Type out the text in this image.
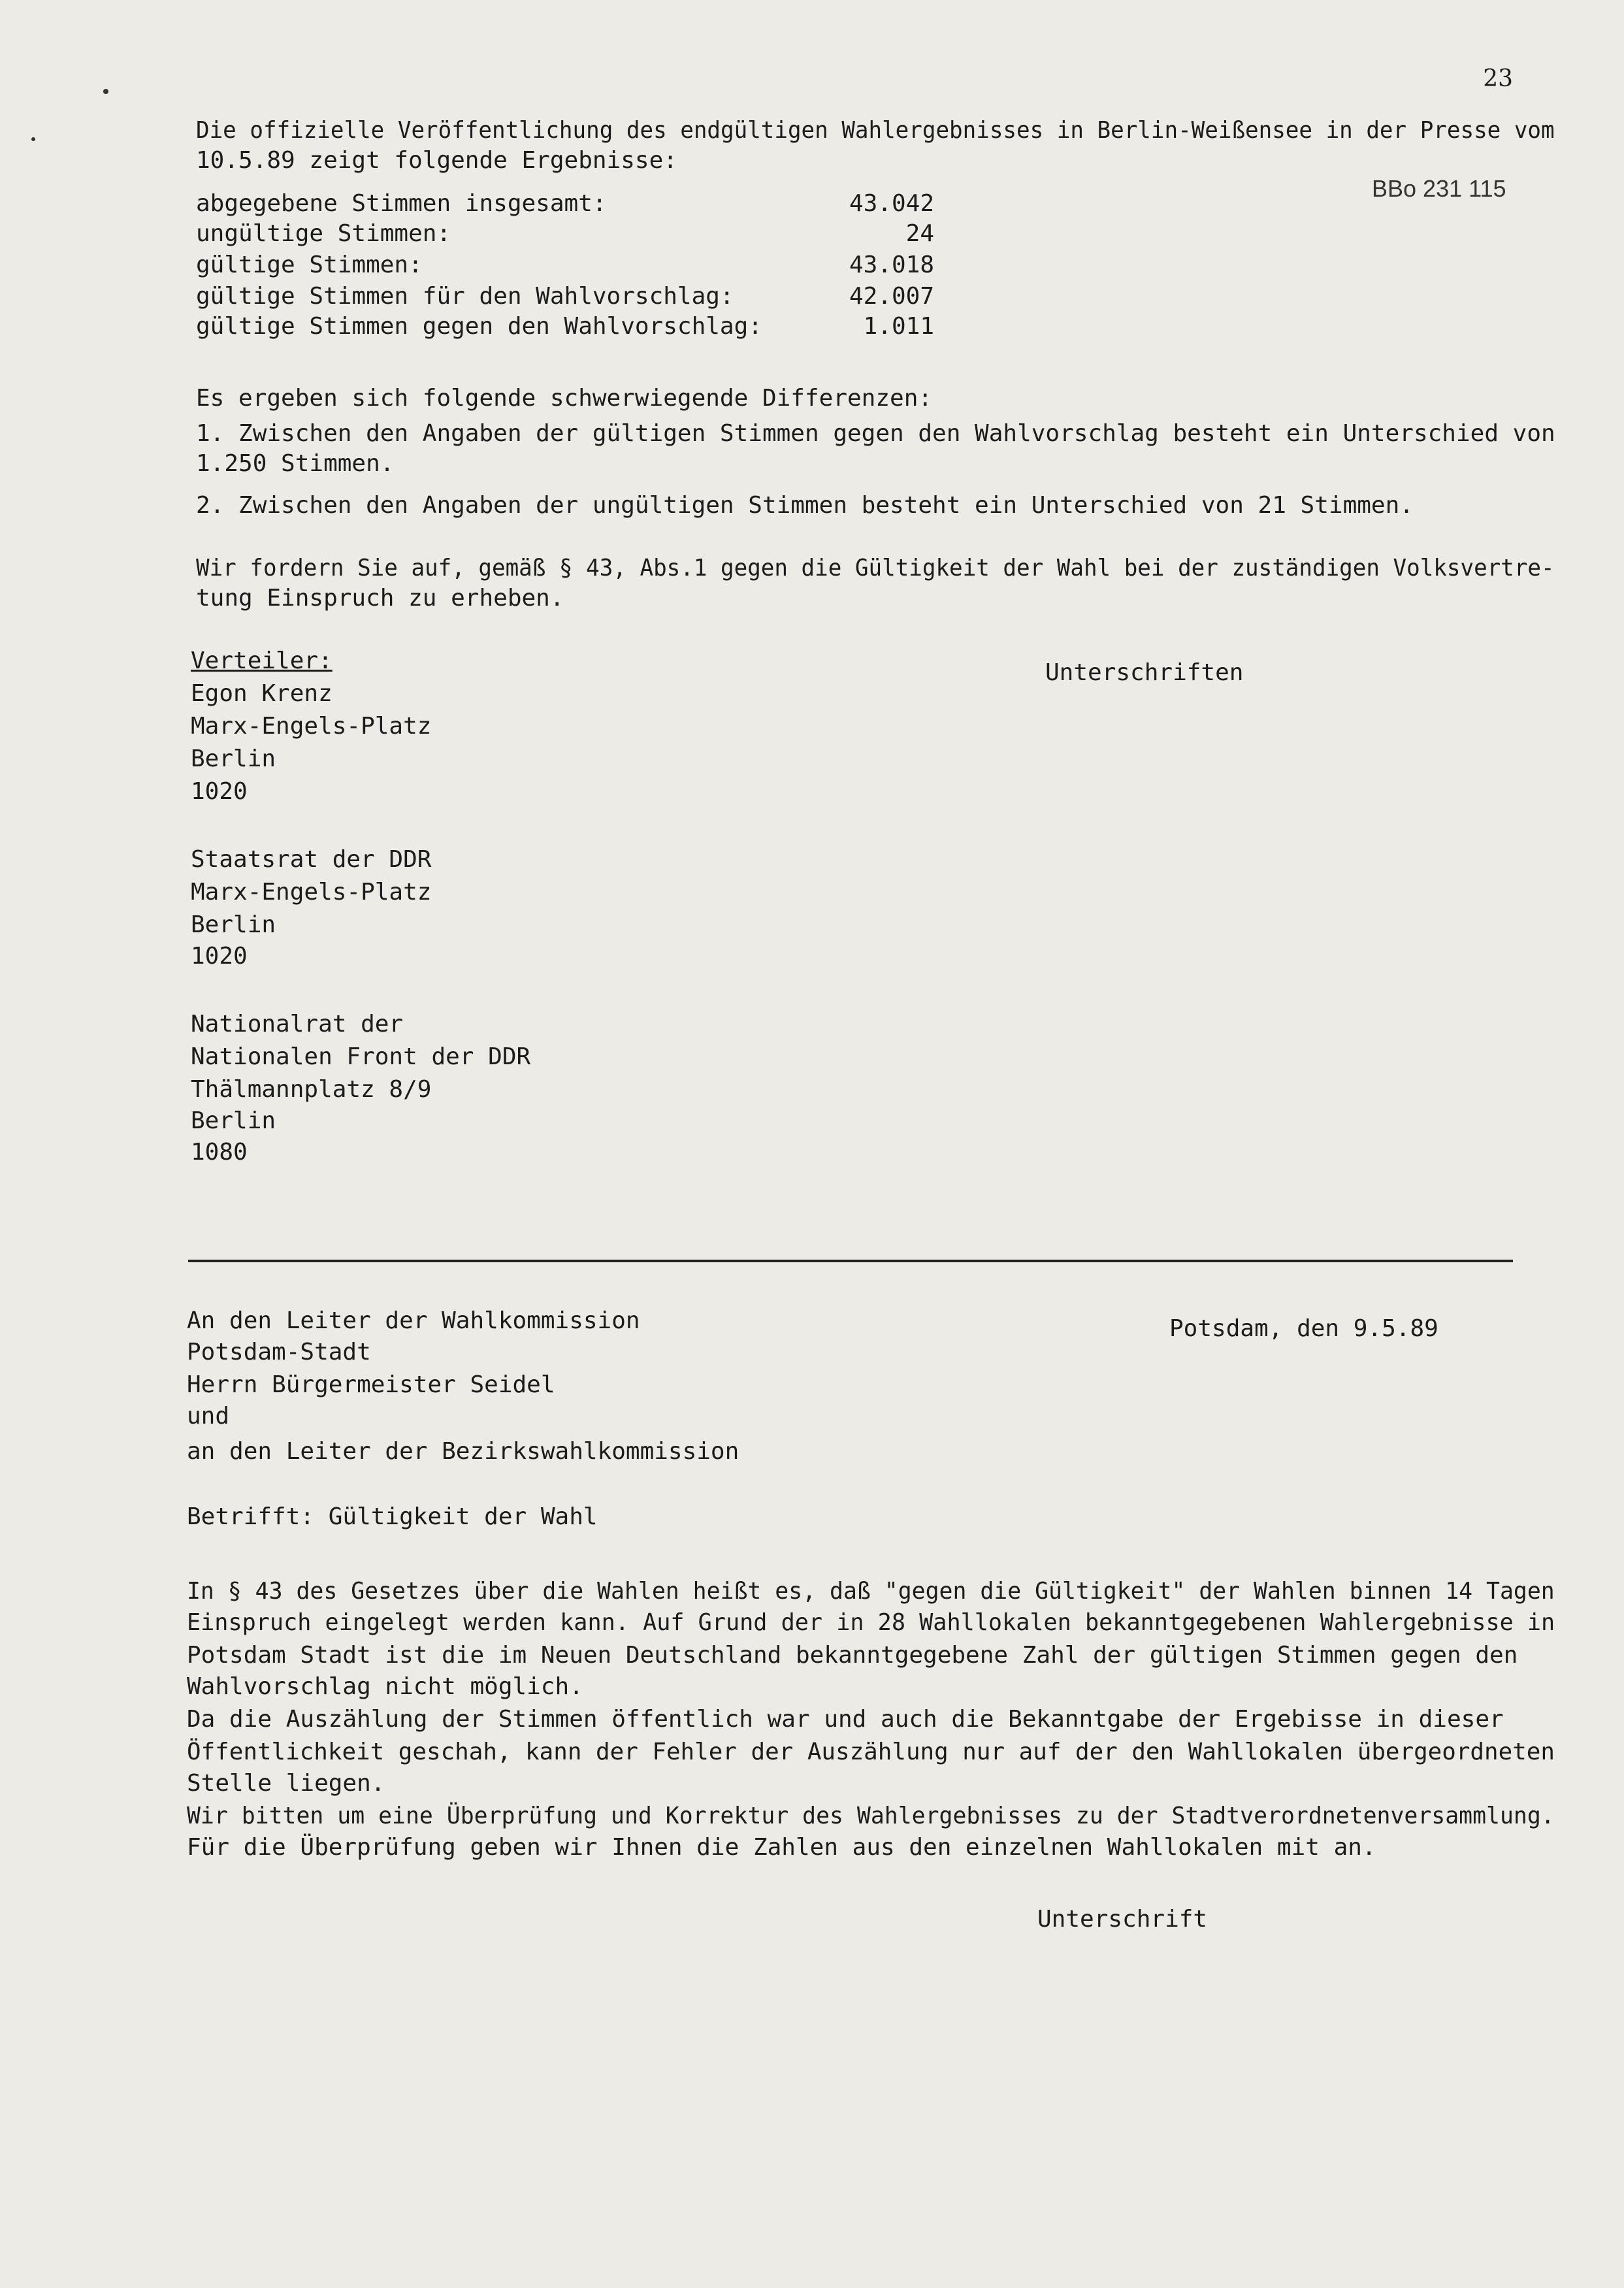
23
BBo 231 115
Die offizielle Veröffentlichung des endgültigen Wahlergebnisses in Berlin-Weißensee in der Presse vom
10.5.89 zeigt folgende Ergebnisse:
abgegebene Stimmen insgesamt:	43.042
ungültige Stimmen:	24
gültige Stimmen:	43.018
gültige Stimmen für den Wahlvorschlag:	42.007
gültige Stimmen gegen den Wahlvorschlag:	1.011
Es ergeben sich folgende schwerwiegende Differenzen:
1. Zwischen den Angaben der gültigen Stimmen gegen den Wahlvorschlag besteht ein Unterschied von
1.250 Stimmen.
2. Zwischen den Angaben der ungültigen Stimmen besteht ein Unterschied von 21 Stimmen.
Wir fordern Sie auf, gemäß § 43, Abs.1 gegen die Gültigkeit der Wahl bei der zuständigen Volksvertre-
tung Einspruch zu erheben.
Verteiler:	Unterschriften
Egon Krenz
Marx-Engels-Platz
Berlin
1020
Staatsrat der DDR
Marx-Engels-Platz
Berlin
1020
Nationalrat der
Nationalen Front der DDR
Thälmannplatz 8/9
Berlin
1080
An den Leiter der Wahlkommission
Potsdam-Stadt
Herrn Bürgermeister Seidel
und
an den Leiter der Bezirkswahlkommission
Potsdam, den 9.5.89
Betrifft: Gültigkeit der Wahl
In § 43 des Gesetzes über die Wahlen heißt es, daß "gegen die Gültigkeit" der Wahlen binnen 14 Tagen
Einspruch eingelegt werden kann. Auf Grund der in 28 Wahllokalen bekanntgegebenen Wahlergebnisse in
Potsdam Stadt ist die im Neuen Deutschland bekanntgegebene Zahl der gültigen Stimmen gegen den
Wahlvorschlag nicht möglich.
Da die Auszählung der Stimmen öffentlich war und auch die Bekanntgabe der Ergebisse in dieser
Öffentlichkeit geschah, kann der Fehler der Auszählung nur auf der den Wahllokalen übergeordneten
Stelle liegen.
Wir bitten um eine Überprüfung und Korrektur des Wahlergebnisses zu der Stadtverordnetenversammlung.
Für die Überprüfung geben wir Ihnen die Zahlen aus den einzelnen Wahllokalen mit an.
Unterschrift
